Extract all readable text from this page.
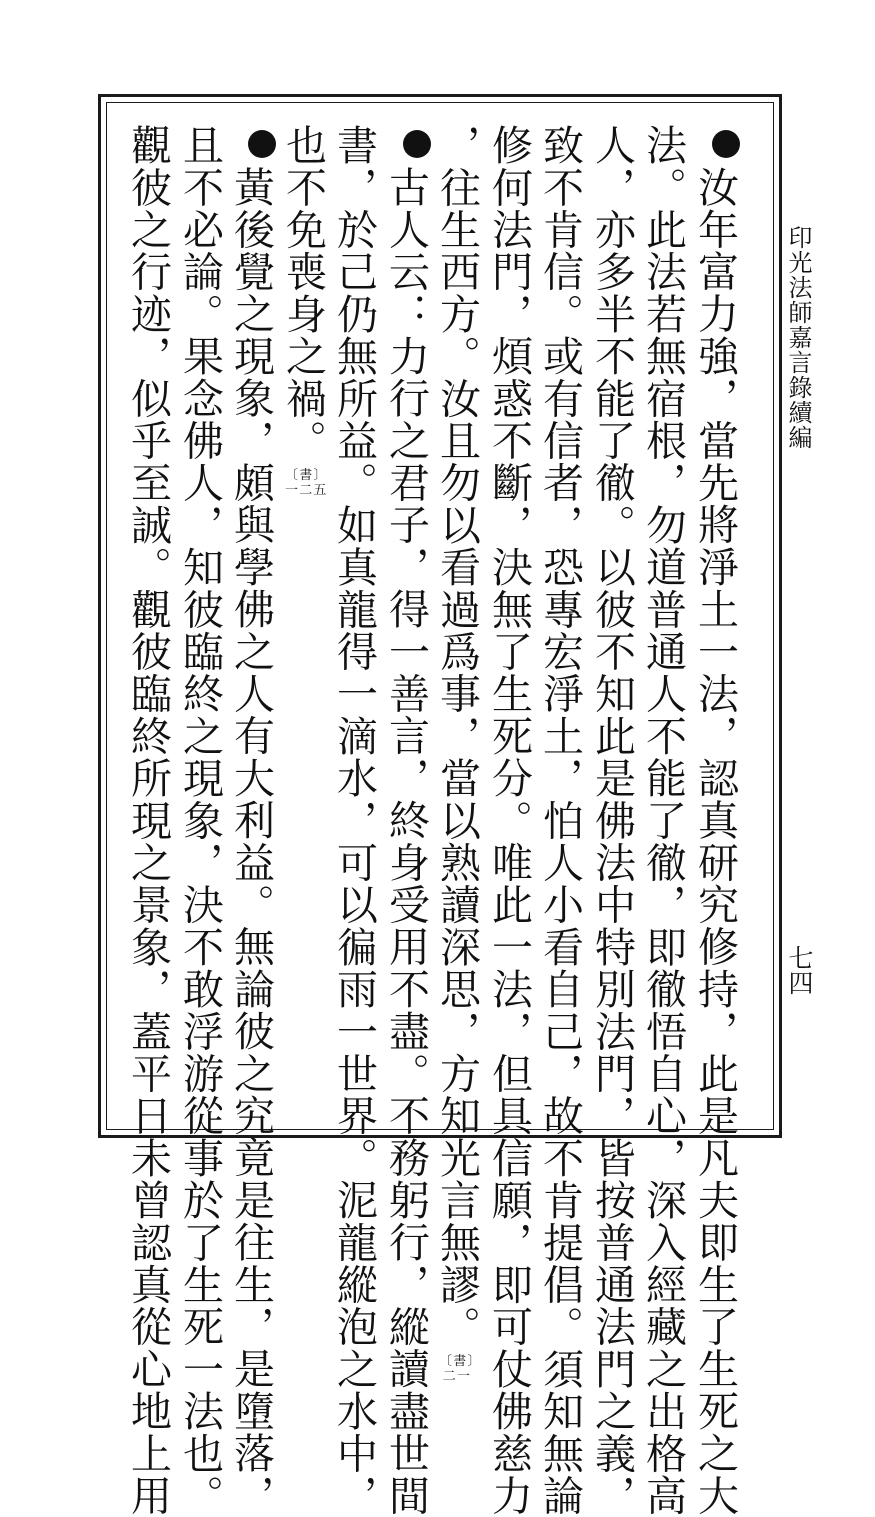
印光法師嘉言錄續編
七四
汝年富力強，當先將淨土一法，認真研究修持，此是凡夫即生了生死之大
法。此法若無宿根，勿道普通人不能了徹，即徹悟自心，深入經藏之出格高
人，亦多半不能了徹。以彼不知此是佛法中特別法門，皆按普通法門之義，
致不肯信。或有信者，恐專宏淨土，怕人小看自己，故不肯提倡。須知無論
修何法門，煩惑不斷，決無了生死分。唯此一法，但具信願，即可仗佛慈力
，往生西方。汝且勿以看過爲事，當以熟讀深思，方知光言無謬。
〔書〕
二一
古人云：力行之君子，得一善言，終身受用不盡。不務躬行，縱讀盡世間
書，於己仍無所益。如真龍得一滴水，可以徧雨一世界。泥龍縱泡之水中，
也不免喪身之禍。
〔書〕
一二五
黃後覺之現象，頗與學佛之人有大利益。無論彼之究竟是往生，是墮落，
且不必論。果念佛人，知彼臨終之現象，決不敢浮游從事於了生死一法也。
觀彼之行迹，似乎至誠。觀彼臨終所現之景象，蓋平日未曾認真從心地上用
